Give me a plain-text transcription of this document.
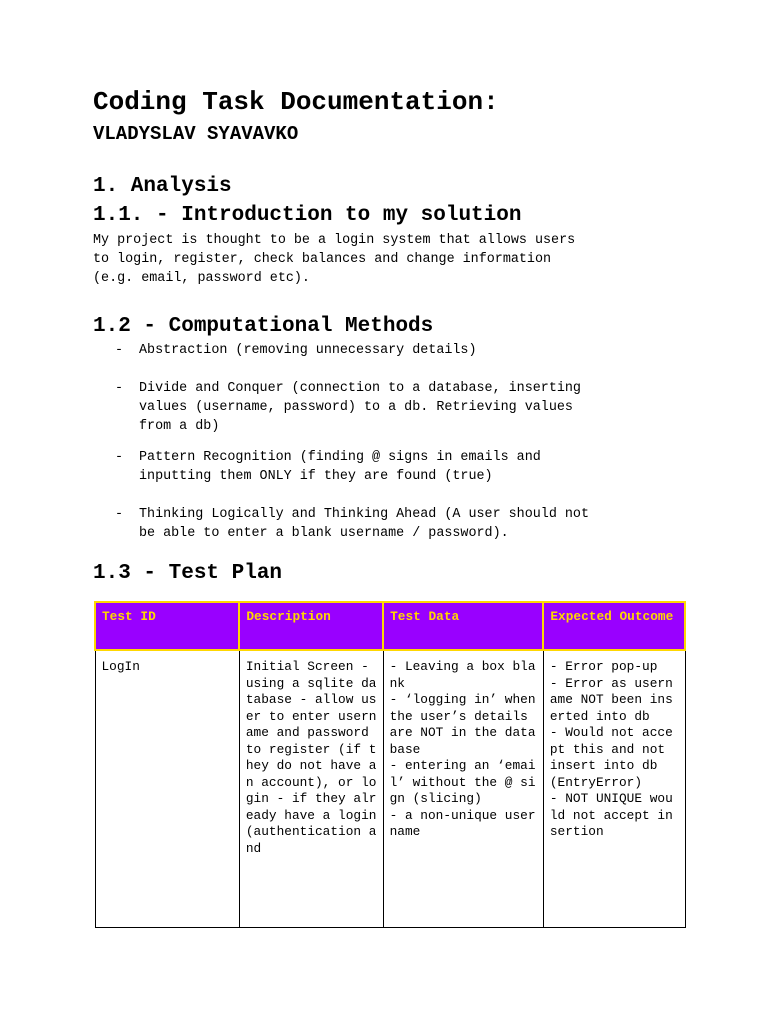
Coding Task Documentation:
VLADYSLAV SYAVAVKO
1. Analysis
1.1. - Introduction to my solution

My project is thought to be a login system that allows users
to login, register, check balances and change information
(e.g. email, password etc).

1.2 - Computational Methods
- Abstraction (removing unnecessary details)
- Divide and Conquer (connection to a database, inserting
values (username, password) to a db. Retrieving values
from a db)
- Pattern Recognition (finding @ signs in emails and
inputting them ONLY if they are found (true)
- Thinking Logically and Thinking Ahead (A user should not
be able to enter a blank username / password).
1.3 - Test Plan
Test ID	Description	Test Data	Expected Outcome
LogIn	Initial Screen - using a sqlite database - allow user to enter username and password to register (if they do not have an account), or login - if they already have a login (authentication and	- Leaving a box blank
- ‘logging in’ when the user’s details are NOT in the database
- entering an ‘email’ without the @ sign (slicing)
- a non-unique username	- Error pop-up
- Error as username NOT been inserted into db
- Would not accept this and not insert into db (EntryError)
- NOT UNIQUE would not accept insertion
